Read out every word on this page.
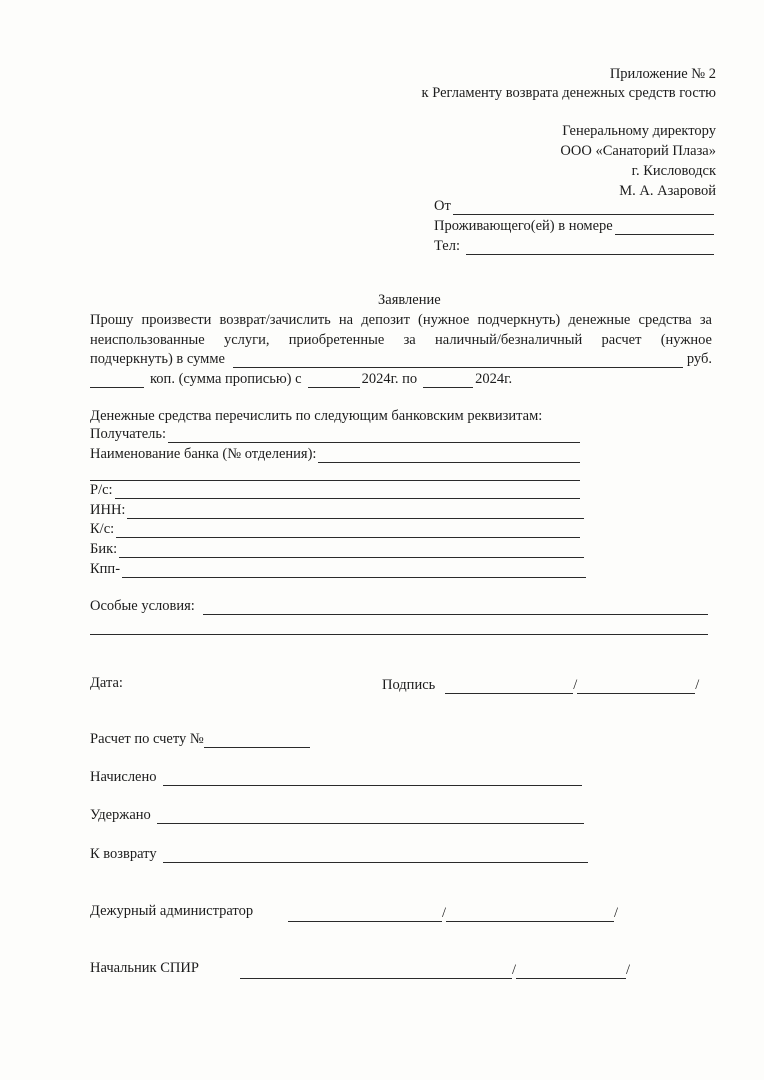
Приложение № 2
к Регламенту возврата денежных средств гостю
Генеральному директору
ООО «Санаторий Плаза»
г. Кисловодск
М. А. Азаровой
От
Проживающего(ей) в номере
Тел:
Заявление
Прошу произвести возврат/зачислить на депозит (нужное подчеркнуть) денежные средства за
неиспользованные услуги, приобретенные за наличный/безналичный расчет (нужное
подчеркнуть) в сумме	руб.
коп. (сумма прописью) с	2024г. по	2024г.
Денежные средства перечислить по следующим банковским реквизитам:
Получатель:
Наименование банка (№ отделения):
Р/с:
ИНН:
К/с:
Бик:
Кпп-
Особые условия:
Дата:	Подпись	/	/
Расчет по счету №
Начислено
Удержано
К возврату
Дежурный администратор	/	/
Начальник СПИР	/	/
